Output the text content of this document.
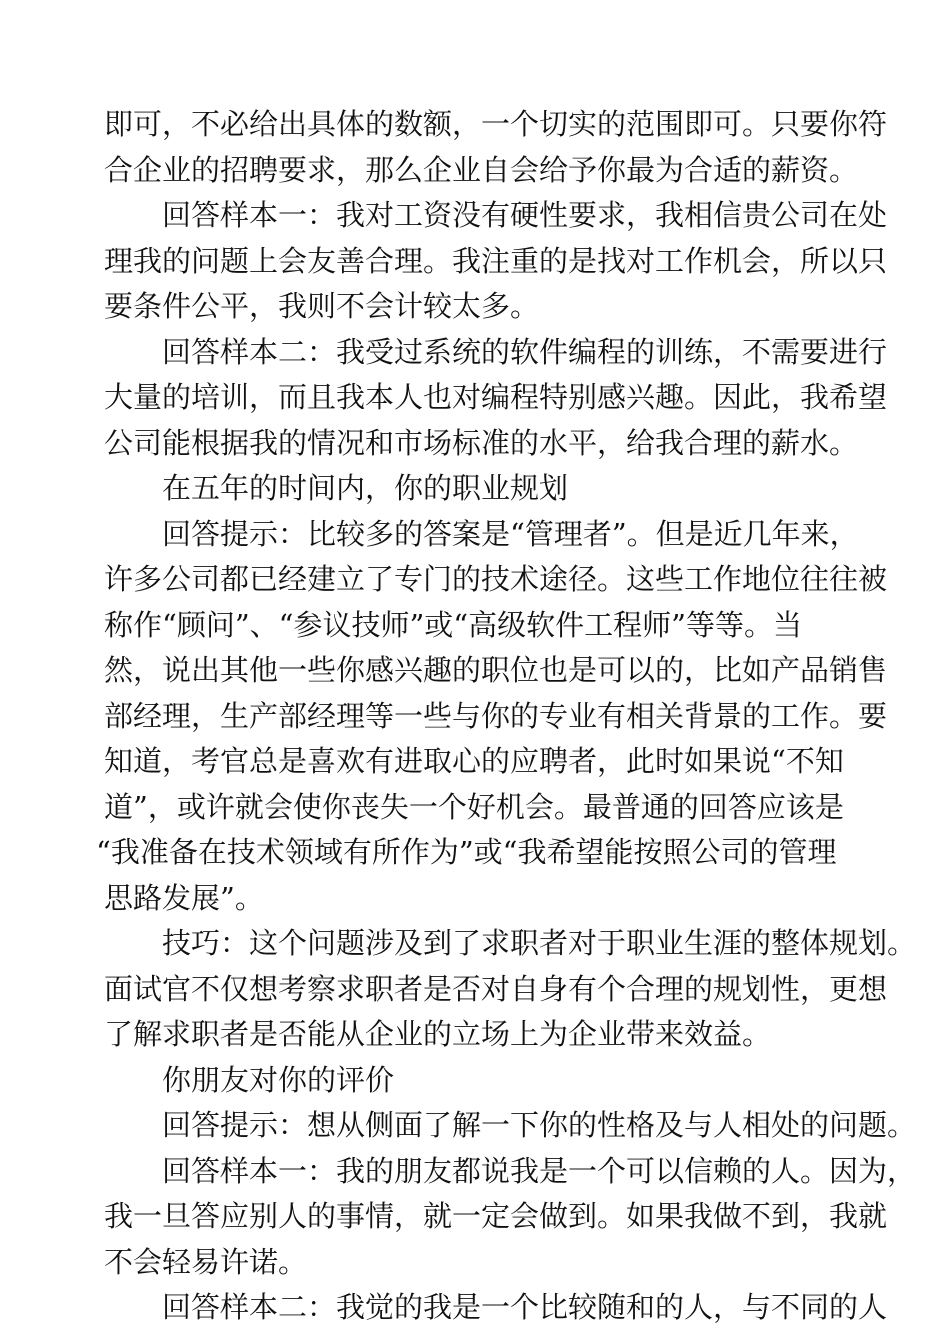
即可，不必给出具体的数额，一个切实的范围即可。只要你符
合企业的招聘要求，那么企业自会给予你最为合适的薪资。
回答样本一：我对工资没有硬性要求，我相信贵公司在处
理我的问题上会友善合理。我注重的是找对工作机会，所以只
要条件公平，我则不会计较太多。
回答样本二：我受过系统的软件编程的训练，不需要进行
大量的培训，而且我本人也对编程特别感兴趣。因此，我希望
公司能根据我的情况和市场标准的水平，给我合理的薪水。
在五年的时间内，你的职业规划
回答提示：比较多的答案是“管理者”。但是近几年来，
许多公司都已经建立了专门的技术途径。这些工作地位往往被
称作“顾问”、“参议技师”或“高级软件工程师”等等。当
然，说出其他一些你感兴趣的职位也是可以的，比如产品销售
部经理，生产部经理等一些与你的专业有相关背景的工作。要
知道，考官总是喜欢有进取心的应聘者，此时如果说“不知
道”，或许就会使你丧失一个好机会。最普通的回答应该是
“我准备在技术领域有所作为”或“我希望能按照公司的管理
思路发展”。
技巧：这个问题涉及到了求职者对于职业生涯的整体规划。
面试官不仅想考察求职者是否对自身有个合理的规划性，更想
了解求职者是否能从企业的立场上为企业带来效益。
你朋友对你的评价
回答提示：想从侧面了解一下你的性格及与人相处的问题。
回答样本一：我的朋友都说我是一个可以信赖的人。因为，
我一旦答应别人的事情，就一定会做到。如果我做不到，我就
不会轻易许诺。
回答样本二：我觉的我是一个比较随和的人，与不同的人
